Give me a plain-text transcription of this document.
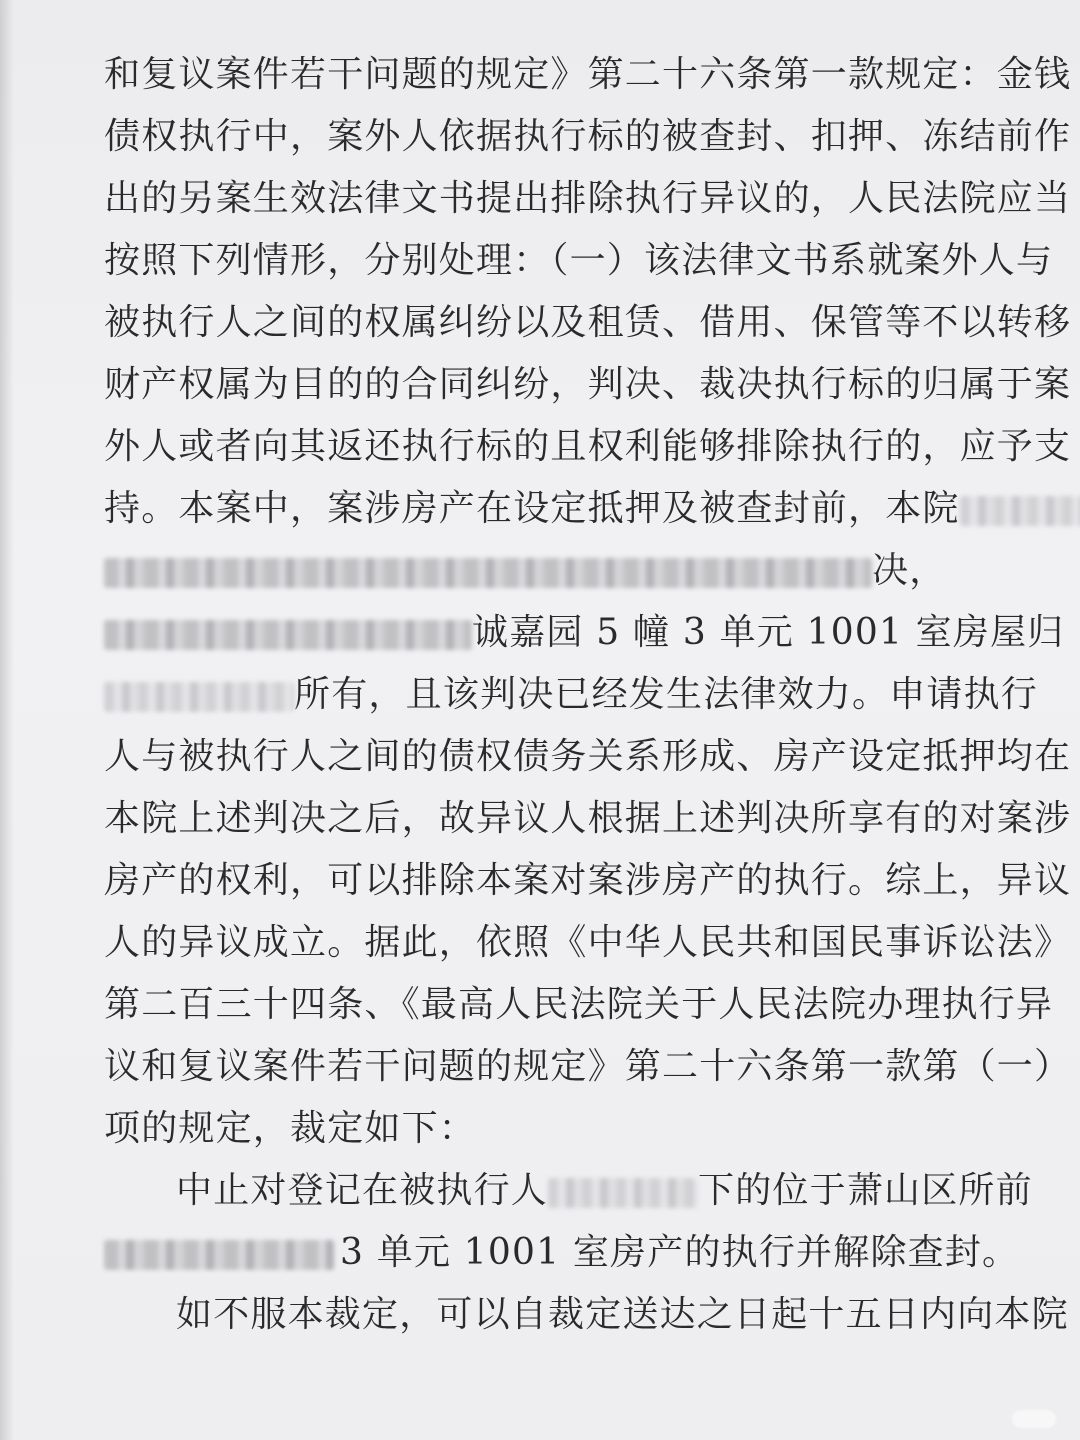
和复议案件若干问题的规定》第二十六条第一款规定：金钱
债权执行中，案外人依据执行标的被查封、扣押、冻结前作
出的另案生效法律文书提出排除执行异议的，人民法院应当
按照下列情形，分别处理：（一）该法律文书系就案外人与
被执行人之间的权属纠纷以及租赁、借用、保管等不以转移
财产权属为目的的合同纠纷，判决、裁决执行标的归属于案
外人或者向其返还执行标的且权利能够排除执行的，应予支
持。本案中，案涉房产在设定抵押及被查封前，本院
决，
诚嘉园 5 幢 3 单元 1001 室房屋归
所有，且该判决已经发生法律效力。申请执行
人与被执行人之间的债权债务关系形成、房产设定抵押均在
本院上述判决之后，故异议人根据上述判决所享有的对案涉
房产的权利，可以排除本案对案涉房产的执行。综上，异议
人的异议成立。据此，依照《中华人民共和国民事诉讼法》
第二百三十四条、《最高人民法院关于人民法院办理执行异
议和复议案件若干问题的规定》第二十六条第一款第（一）
项的规定，裁定如下：
中止对登记在被执行人	下的位于萧山区所前
3 单元 1001 室房产的执行并解除查封。
如不服本裁定，可以自裁定送达之日起十五日内向本院
